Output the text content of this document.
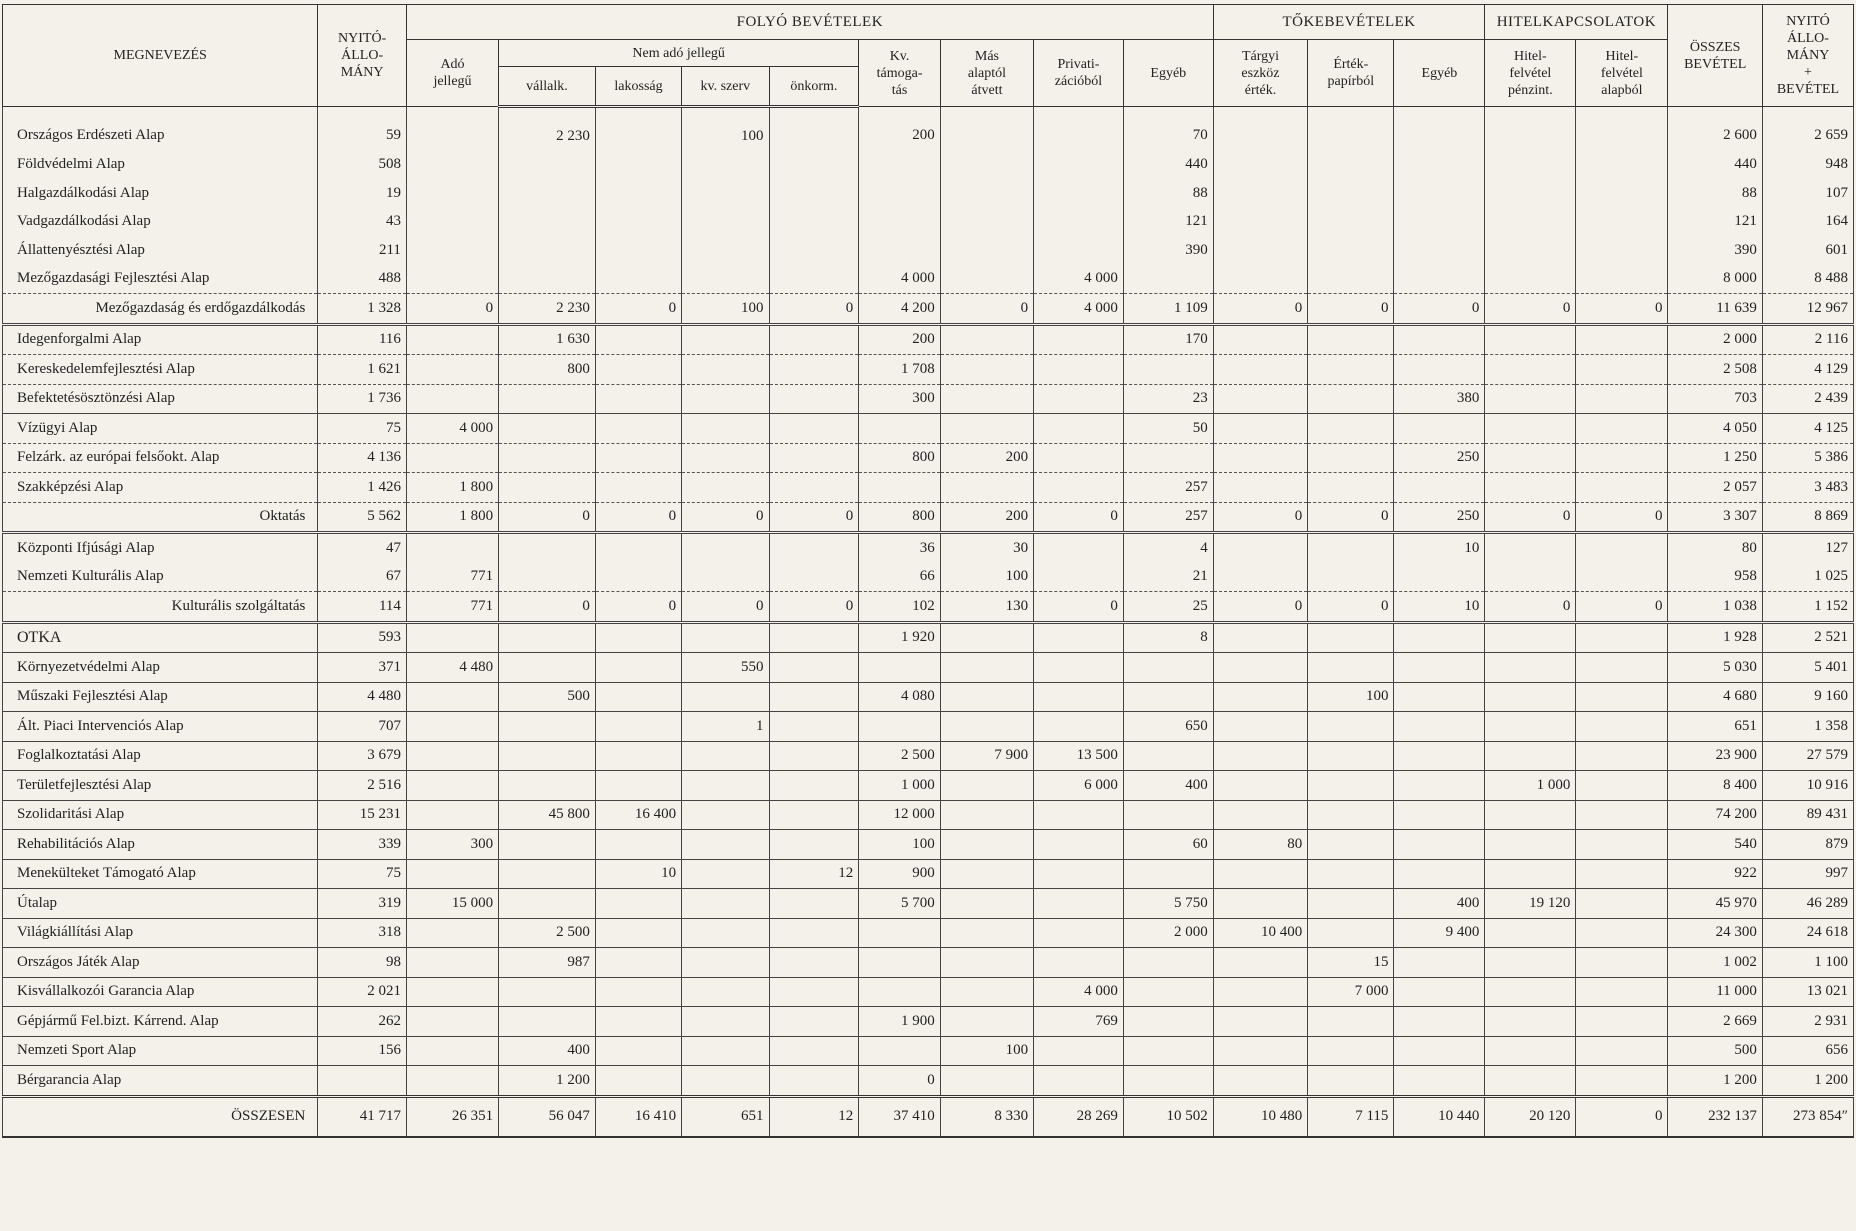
MEGNEVEZÉS	NYITÓ-
ÁLLO-
MÁNY	FOLYÓ BEVÉTELEK									TŐKEBEVÉTELEK			HITELKAPCSOLATOK		ÖSSZES
BEVÉTEL	NYITÓ
ÁLLO-
MÁNY
+
BEVÉTEL
		Adó
jellegű	Nem adó jellegű				Kv.
támoga-
tás	Más
alaptól
átvett	Privati-
zációból	Egyéb	Tárgyi
eszköz
érték.	Érték-
papírból	Egyéb	Hitel-
felvétel
pénzint.	Hitel-
felvétel
alapból		
			vállalk.	lakosság	kv. szerv	önkorm.											
Országos Erdészeti Alap	59		2 230		100		200			70						2 600	2 659
Földvédelmi Alap	508									440						440	948
Halgazdálkodási Alap	19									88						88	107
Vadgazdálkodási Alap	43									121						121	164
Állattenyésztési Alap	211									390						390	601
Mezőgazdasági Fejlesztési Alap	488						4 000		4 000							8 000	8 488
Mezőgazdaság és erdőgazdálkodás	1 328	0	2 230	0	100	0	4 200	0	4 000	1 109	0	0	0	0	0	11 639	12 967
Idegenforgalmi Alap	116		1 630				200			170						2 000	2 116
Kereskedelemfejlesztési Alap	1 621		800				1 708									2 508	4 129
Befektetésösztönzési Alap	1 736						300			23			380			703	2 439
Vízügyi Alap	75	4 000								50						4 050	4 125
Felzárk. az európai felsőokt. Alap	4 136						800	200					250			1 250	5 386
Szakképzési Alap	1 426	1 800								257						2 057	3 483
Oktatás	5 562	1 800	0	0	0	0	800	200	0	257	0	0	250	0	0	3 307	8 869
Központi Ifjúsági Alap	47						36	30		4			10			80	127
Nemzeti Kulturális Alap	67	771					66	100		21						958	1 025
Kulturális szolgáltatás	114	771	0	0	0	0	102	130	0	25	0	0	10	0	0	1 038	1 152
OTKA	593						1 920			8						1 928	2 521
Környezetvédelmi Alap	371	4 480			550											5 030	5 401
Műszaki Fejlesztési Alap	4 480		500				4 080					100				4 680	9 160
Ált. Piaci Intervenciós Alap	707				1					650						651	1 358
Foglalkoztatási Alap	3 679						2 500	7 900	13 500							23 900	27 579
Területfejlesztési Alap	2 516						1 000		6 000	400				1 000		8 400	10 916
Szolidaritási Alap	15 231		45 800	16 400			12 000									74 200	89 431
Rehabilitációs Alap	339	300					100			60	80					540	879
Menekülteket Támogató Alap	75			10		12	900									922	997
Útalap	319	15 000					5 700			5 750			400	19 120		45 970	46 289
Világkiállítási Alap	318		2 500							2 000	10 400		9 400			24 300	24 618
Országos Játék Alap	98		987									15				1 002	1 100
Kisvállalkozói Garancia Alap	2 021								4 000			7 000				11 000	13 021
Gépjármű Fel.bizt. Kárrend. Alap	262						1 900		769							2 669	2 931
Nemzeti Sport Alap	156		400					100								500	656
Bérgarancia Alap			1 200				0									1 200	1 200
ÖSSZESEN	41 717	26 351	56 047	16 410	651	12	37 410	8 330	28 269	10 502	10 480	7 115	10 440	20 120	0	232 137	273 854″
